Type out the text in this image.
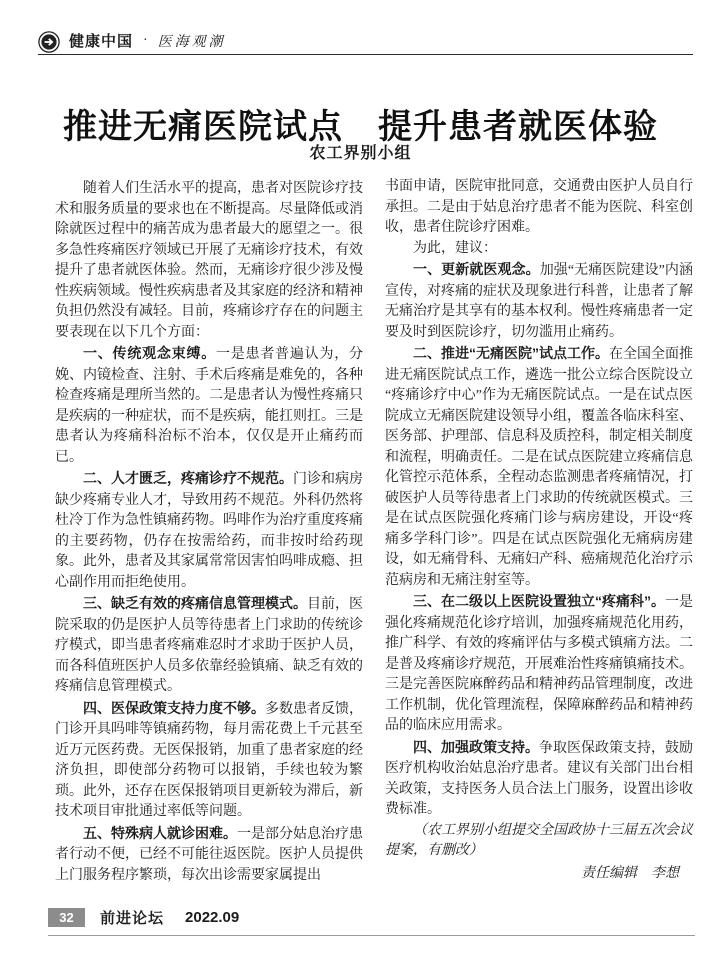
健康中国 · 医海观潮
推进无痛医院试点　提升患者就医体验
农工界别小组

随着人们生活水平的提高，患者对医院诊疗技术和服务质量的要求也在不断提高。尽量降低或消除就医过程中的痛苦成为患者最大的愿望之一。很多急性疼痛医疗领域已开展了无痛诊疗技术，有效提升了患者就医体验。然而，无痛诊疗很少涉及慢性疾病领域。慢性疾病患者及其家庭的经济和精神负担仍然没有减轻。目前，疼痛诊疗存在的问题主要表现在以下几个方面：

一、传统观念束缚。一是患者普遍认为，分娩、内镜检查、注射、手术后疼痛是难免的，各种检查疼痛是理所当然的。二是患者认为慢性疼痛只是疾病的一种症状，而不是疾病，能扛则扛。三是患者认为疼痛科治标不治本，仅仅是开止痛药而已。

二、人才匮乏，疼痛诊疗不规范。门诊和病房缺少疼痛专业人才，导致用药不规范。外科仍然将杜冷丁作为急性镇痛药物。吗啡作为治疗重度疼痛的主要药物，仍存在按需给药，而非按时给药现象。此外，患者及其家属常常因害怕吗啡成瘾、担心副作用而拒绝使用。

三、缺乏有效的疼痛信息管理模式。目前，医院采取的仍是医护人员等待患者上门求助的传统诊疗模式，即当患者疼痛难忍时才求助于医护人员，而各科值班医护人员多依靠经验镇痛、缺乏有效的疼痛信息管理模式。

四、医保政策支持力度不够。多数患者反馈，门诊开具吗啡等镇痛药物，每月需花费上千元甚至近万元医药费。无医保报销，加重了患者家庭的经济负担，即使部分药物可以报销，手续也较为繁琐。此外，还存在医保报销项目更新较为滞后，新技术项目审批通过率低等问题。

五、特殊病人就诊困难。一是部分姑息治疗患者行动不便，已经不可能往返医院。医护人员提供上门服务程序繁琐，每次出诊需要家属提出

书面申请，医院审批同意，交通费由医护人员自行承担。二是由于姑息治疗患者不能为医院、科室创收，患者住院诊疗困难。

为此，建议：

一、更新就医观念。加强“无痛医院建设”内涵宣传，对疼痛的症状及现象进行科普，让患者了解无痛治疗是其享有的基本权利。慢性疼痛患者一定要及时到医院诊疗，切勿滥用止痛药。

二、推进“无痛医院”试点工作。在全国全面推进无痛医院试点工作，遴选一批公立综合医院设立“疼痛诊疗中心”作为无痛医院试点。一是在试点医院成立无痛医院建设领导小组，覆盖各临床科室、医务部、护理部、信息科及质控科，制定相关制度和流程，明确责任。二是在试点医院建立疼痛信息化管控示范体系，全程动态监测患者疼痛情况，打破医护人员等待患者上门求助的传统就医模式。三是在试点医院强化疼痛门诊与病房建设，开设“疼痛多学科门诊”。四是在试点医院强化无痛病房建设，如无痛骨科、无痛妇产科、癌痛规范化治疗示范病房和无痛注射室等。

三、在二级以上医院设置独立“疼痛科”。一是强化疼痛规范化诊疗培训，加强疼痛规范化用药，推广科学、有效的疼痛评估与多模式镇痛方法。二是普及疼痛诊疗规范，开展难治性疼痛镇痛技术。三是完善医院麻醉药品和精神药品管理制度，改进工作机制，优化管理流程，保障麻醉药品和精神药品的临床应用需求。

四、加强政策支持。争取医保政策支持，鼓励医疗机构收治姑息治疗患者。建议有关部门出台相关政策，支持医务人员合法上门服务，设置出诊收费标准。

（农工界别小组提交全国政协十三届五次会议提案，有删改）

责任编辑 李想

32	前进论坛 2022.09
